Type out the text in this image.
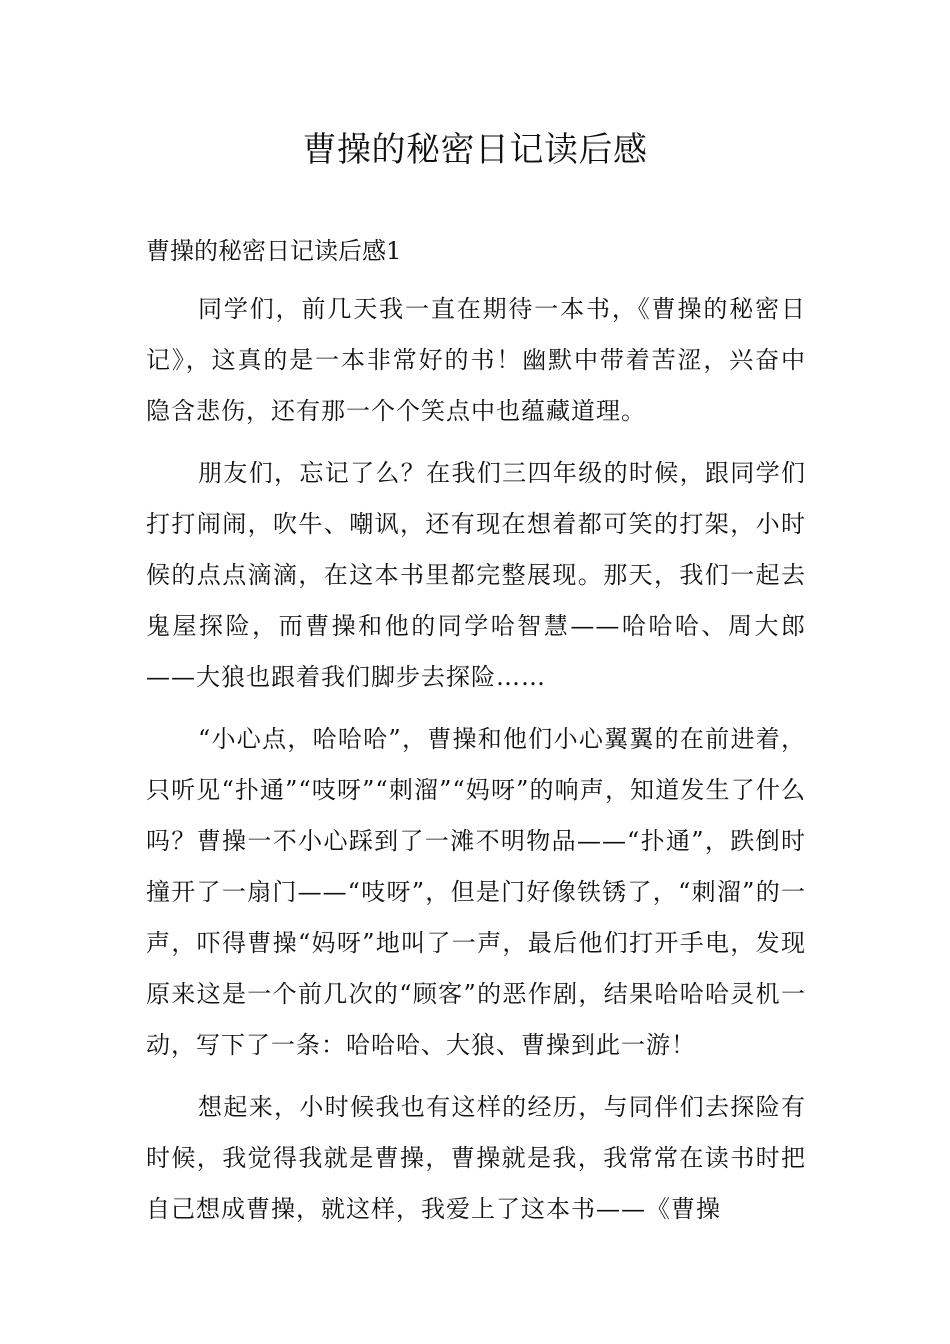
曹操的秘密日记读后感

曹操的秘密日记读后感1

同学们，前几天我一直在期待一本书，《曹操的秘密日记》，这真的是一本非常好的书！幽默中带着苦涩，兴奋中隐含悲伤，还有那一个个笑点中也蕴藏道理。

朋友们，忘记了么？在我们三四年级的时候，跟同学们打打闹闹，吹牛、嘲讽，还有现在想着都可笑的打架，小时候的点点滴滴，在这本书里都完整展现。那天，我们一起去鬼屋探险，而曹操和他的同学哈智慧——哈哈哈、周大郎——大狼也跟着我们脚步去探险……

“小心点，哈哈哈”，曹操和他们小心翼翼的在前进着，只听见“扑通”“吱呀”“刺溜”“妈呀”的响声，知道发生了什么吗？曹操一不小心踩到了一滩不明物品——“扑通”，跌倒时撞开了一扇门——“吱呀”，但是门好像铁锈了，“刺溜”的一声，吓得曹操“妈呀”地叫了一声，最后他们打开手电，发现原来这是一个前几次的“顾客”的恶作剧，结果哈哈哈灵机一动，写下了一条：哈哈哈、大狼、曹操到此一游！

想起来，小时候我也有这样的经历，与同伴们去探险有时候，我觉得我就是曹操，曹操就是我，我常常在读书时把自己想成曹操，就这样，我爱上了这本书——《曹操
